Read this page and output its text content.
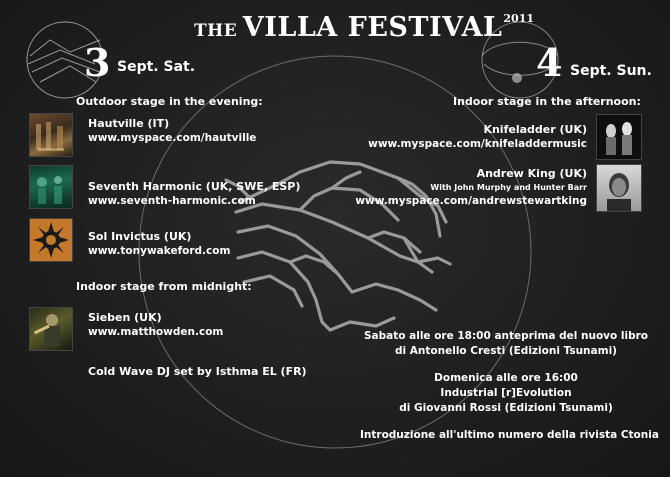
THE VILLA $FESTIVAL^{2011}$
3 Sept. Sat.	4 Sept. Sun.
Outdoor stage in the evening:
Hautville (IT)
www.myspace.com/hautville
Seventh Harmonic (UK, SWE, ESP)
www.seventh-harmonic.com
Sol Invictus (UK)
www.tonywakeford.com
Indoor stage from midnight:
Sieben (UK)
www.matthowden.com
Cold Wave DJ set by Isthma EL (FR)
Indoor stage in the afternoon:
Knifeladder (UK)
www.myspace.com/knifeladdermusic
Andrew King (UK)
With John Murphy and Hunter Barr
www.myspace.com/andrewstewartking
Sabato alle ore 18:00 anteprima del nuovo libro
di Antonello Cresti (Edizioni Tsunami)
Domenica alle ore 16:00
Industrial [r]Evolution
di Giovanni Rossi (Edizioni Tsunami)
Introduzione all'ultimo numero della rivista Ctonia
